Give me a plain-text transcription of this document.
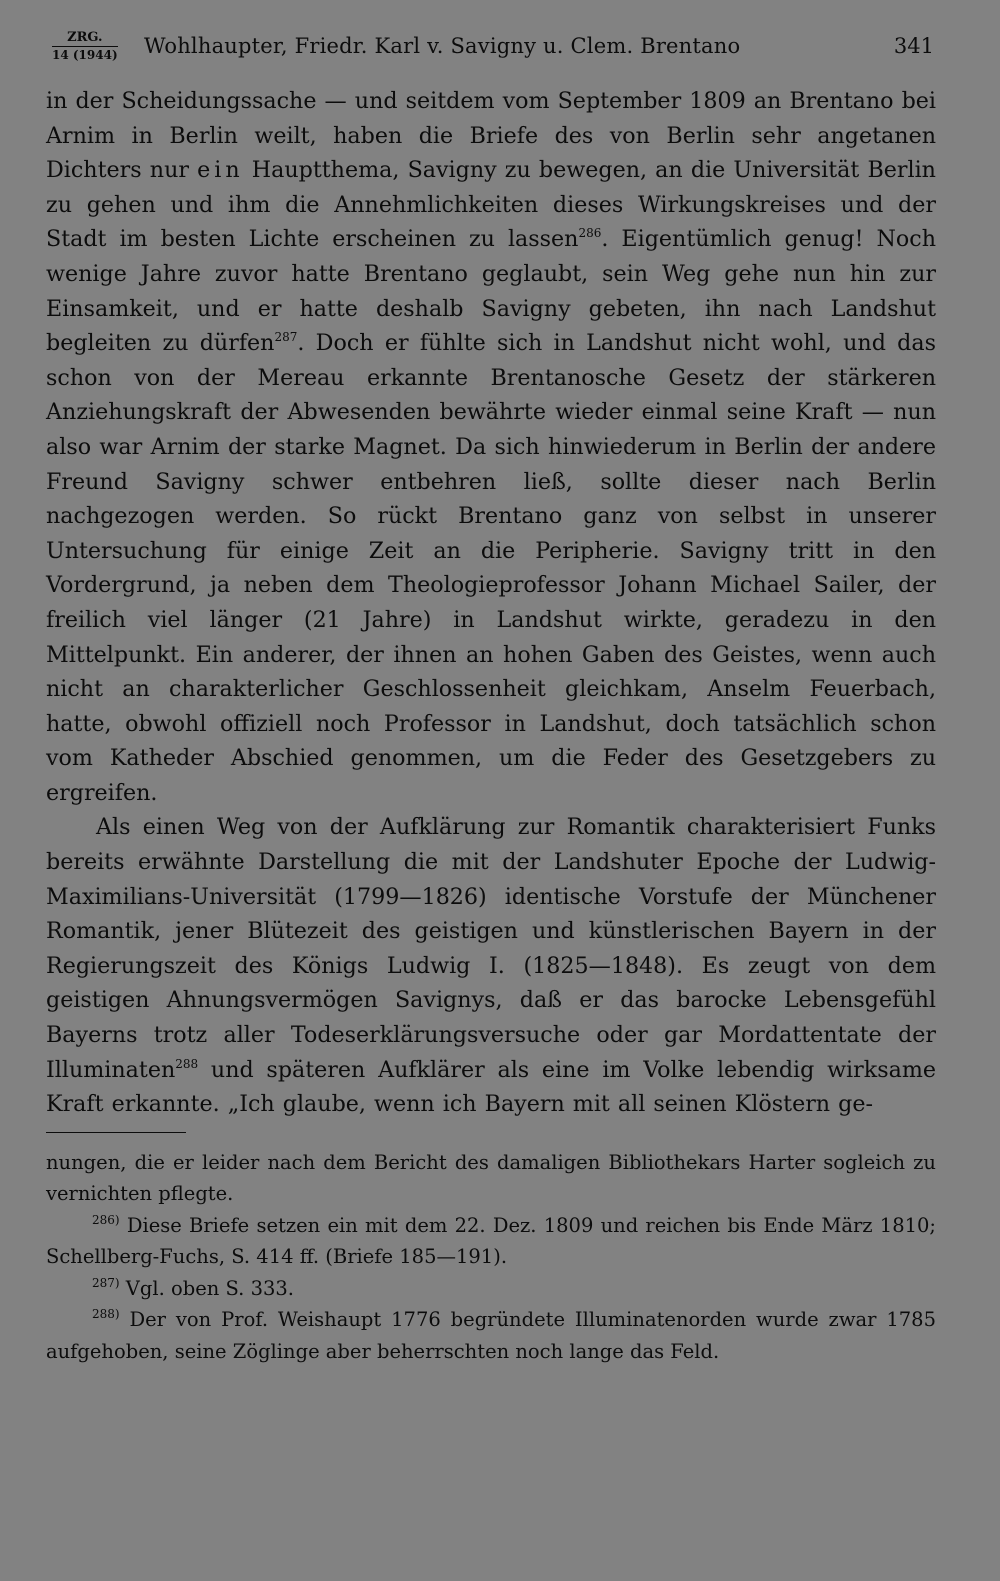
ZRG.
14 (1944) Wohlhaupter, Friedr. Karl v. Savigny u. Clem. Brentano	341

in der Scheidungssache — und seitdem vom September 1809 an Brentano bei Arnim in Berlin weilt, haben die Briefe des von Berlin sehr angetanen Dichters nur ein Hauptthema, Savigny zu bewegen, an die Universität Berlin zu gehen und ihm die Annehmlichkeiten dieses Wirkungskreises und der Stadt im besten Lichte erscheinen zu lassen$^{286}$. Eigentümlich genug! Noch wenige Jahre zuvor hatte Brentano geglaubt, sein Weg gehe nun hin zur Einsamkeit, und er hatte deshalb Savigny gebeten, ihn nach Landshut begleiten zu dürfen$^{287}$. Doch er fühlte sich in Landshut nicht wohl, und das schon von der Mereau erkannte Brentanosche Gesetz der stärkeren Anziehungskraft der Abwesenden bewährte wieder einmal seine Kraft — nun also war Arnim der starke Magnet. Da sich hinwiederum in Berlin der andere Freund Savigny schwer entbehren ließ, sollte dieser nach Berlin nachgezogen werden. So rückt Brentano ganz von selbst in unserer Untersuchung für einige Zeit an die Peripherie. Savigny tritt in den Vordergrund, ja neben dem Theologieprofessor Johann Michael Sailer, der freilich viel länger (21 Jahre) in Landshut wirkte, geradezu in den Mittelpunkt. Ein anderer, der ihnen an hohen Gaben des Geistes, wenn auch nicht an charakterlicher Geschlossenheit gleichkam, Anselm Feuerbach, hatte, obwohl offiziell noch Professor in Landshut, doch tatsächlich schon vom Katheder Abschied genommen, um die Feder des Gesetzgebers zu ergreifen.

Als einen Weg von der Aufklärung zur Romantik charakterisiert Funks bereits erwähnte Darstellung die mit der Landshuter Epoche der Ludwig-Maximilians-Universität (1799—1826) identische Vorstufe der Münchener Romantik, jener Blütezeit des geistigen und künstlerischen Bayern in der Regierungszeit des Königs Ludwig I. (1825—1848). Es zeugt von dem geistigen Ahnungsvermögen Savignys, daß er das barocke Lebensgefühl Bayerns trotz aller Todeserklärungsversuche oder gar Mordattentate der Illuminaten$^{288}$ und späteren Aufklärer als eine im Volke lebendig wirksame Kraft erkannte. „Ich glaube, wenn ich Bayern mit all seinen Klöstern ge-

nungen, die er leider nach dem Bericht des damaligen Bibliothekars Harter sogleich zu vernichten pflegte.

$^{286)}$ Diese Briefe setzen ein mit dem 22. Dez. 1809 und reichen bis Ende März 1810; Schellberg-Fuchs, S. 414 ff. (Briefe 185—191).

$^{287)}$ Vgl. oben S. 333.

$^{288)}$ Der von Prof. Weishaupt 1776 begründete Illuminatenorden wurde zwar 1785 aufgehoben, seine Zöglinge aber beherrschten noch lange das Feld.
